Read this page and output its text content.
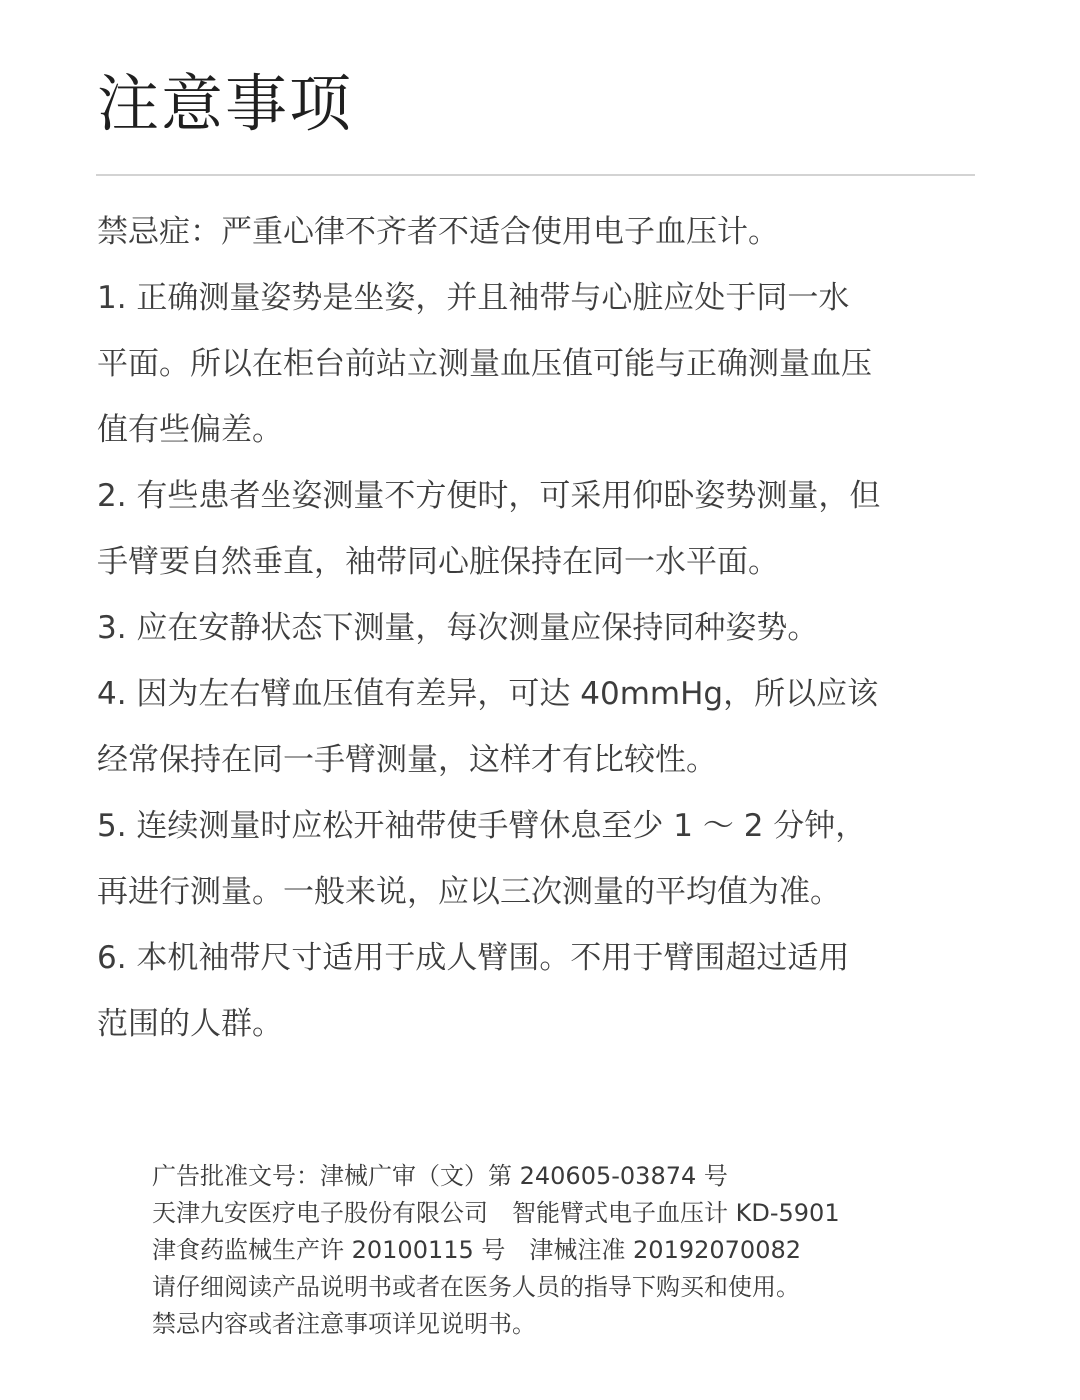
注意事项
禁忌症：严重心律不齐者不适合使用电子血压计。
1. 正确测量姿势是坐姿，并且袖带与心脏应处于同一水
平面。所以在柜台前站立测量血压值可能与正确测量血压
值有些偏差。
2. 有些患者坐姿测量不方便时，可采用仰卧姿势测量，但
手臂要自然垂直，袖带同心脏保持在同一水平面。
3. 应在安静状态下测量，每次测量应保持同种姿势。
4. 因为左右臂血压值有差异，可达 40mmHg，所以应该
经常保持在同一手臂测量，这样才有比较性。
5. 连续测量时应松开袖带使手臂休息至少 1 ～ 2 分钟，
再进行测量。一般来说，应以三次测量的平均值为准。
6. 本机袖带尺寸适用于成人臂围。不用于臂围超过适用
范围的人群。
广告批准文号：津械广审（文）第 240605-03874 号
天津九安医疗电子股份有限公司　智能臂式电子血压计 KD-5901
津食药监械生产许 20100115 号　津械注准 20192070082
请仔细阅读产品说明书或者在医务人员的指导下购买和使用。
禁忌内容或者注意事项详见说明书。
